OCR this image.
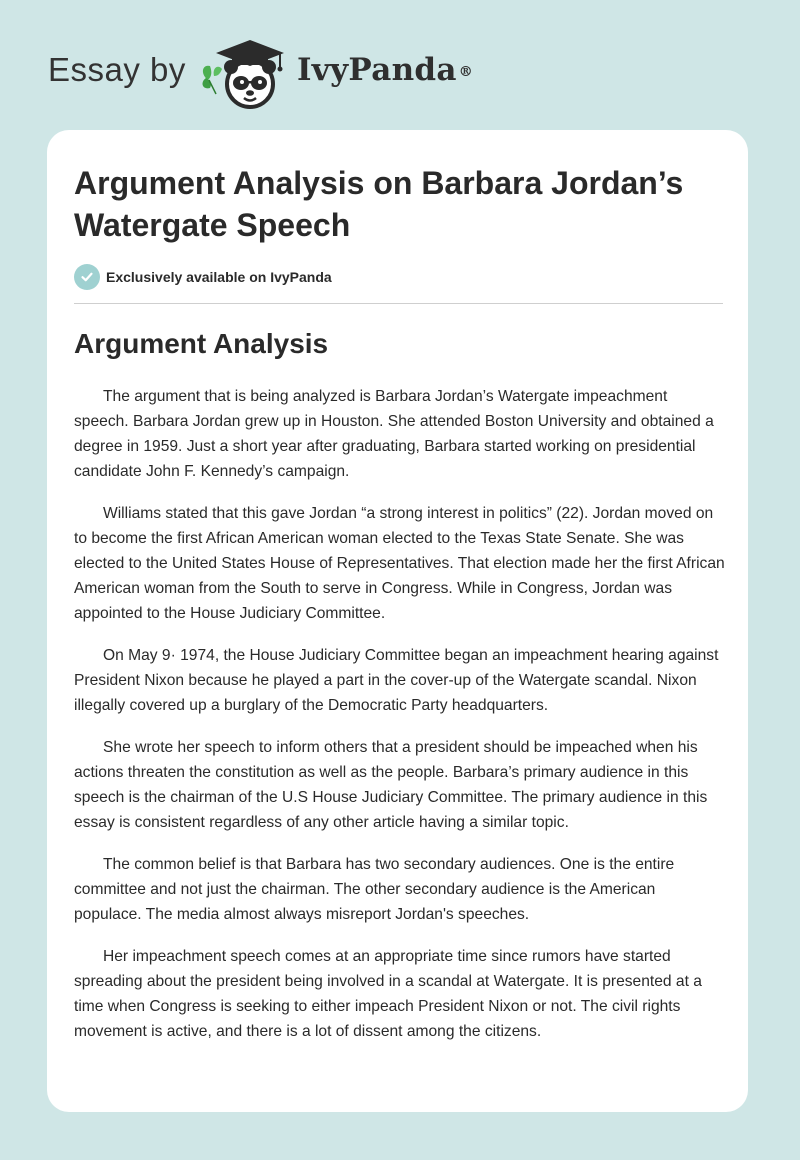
Essay by	IvyPanda ®
Argument Analysis on Barbara Jordan’s Watergate Speech
Exclusively available on IvyPanda
Argument Analysis

The argument that is being analyzed is Barbara Jordan’s Watergate impeachment speech. Barbara Jordan grew up in Houston. She attended Boston University and obtained a degree in 1959. Just a short year after graduating, Barbara started working on presidential candidate John F. Kennedy’s campaign.

Williams stated that this gave Jordan “a strong interest in politics” (22). Jordan moved on to become the first African American woman elected to the Texas State Senate. She was elected to the United States House of Representatives. That election made her the first African American woman from the South to serve in Congress. While in Congress, Jordan was appointed to the House Judiciary Committee.

On May 9· 1974, the House Judiciary Committee began an impeachment hearing against President Nixon because he played a part in the cover-up of the Watergate scandal. Nixon illegally covered up a burglary of the Democratic Party headquarters.

She wrote her speech to inform others that a president should be impeached when his actions threaten the constitution as well as the people. Barbara’s primary audience in this speech is the chairman of the U.S House Judiciary Committee. The primary audience in this essay is consistent regardless of any other article having a similar topic.

The common belief is that Barbara has two secondary audiences. One is the entire committee and not just the chairman. The other secondary audience is the American populace. The media almost always misreport Jordan's speeches.

Her impeachment speech comes at an appropriate time since rumors have started spreading about the president being involved in a scandal at Watergate. It is presented at a time when Congress is seeking to either impeach President Nixon or not. The civil rights movement is active, and there is a lot of dissent among the citizens.
